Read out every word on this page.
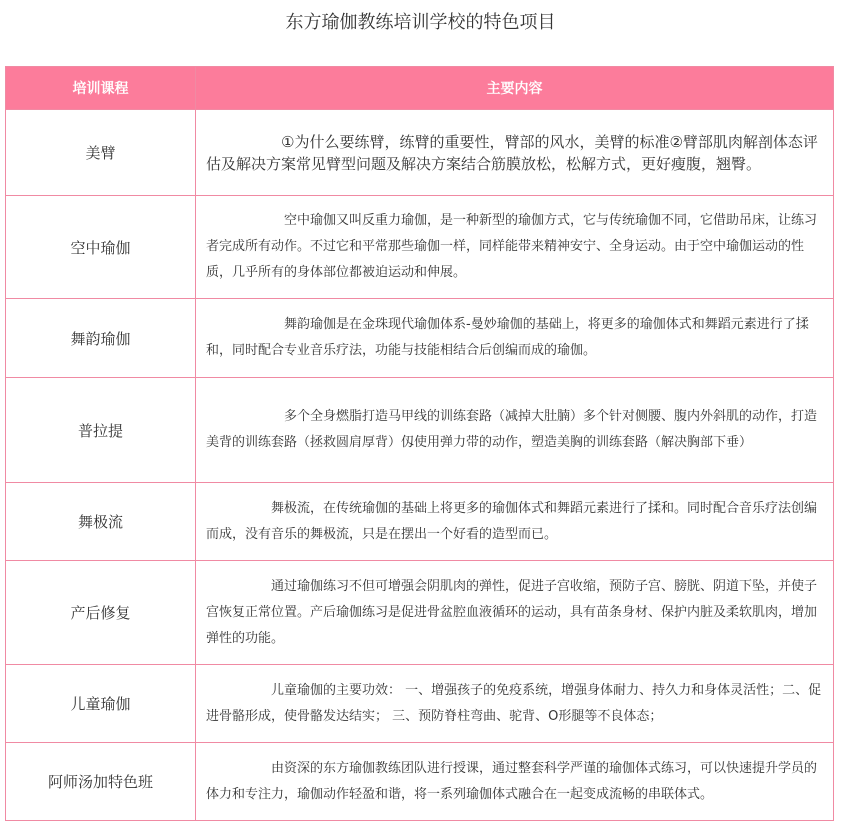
东方瑜伽教练培训学校的特色项目
培训课程	主要内容
美臂	①为什么要练臂，练臂的重要性，臂部的风水，美臂的标准②臂部肌肉解剖体态评估及解决方案常见臂型问题及解决方案结合筋膜放松，松解方式，更好瘦腹，翘臀。

空中瑜伽	空中瑜伽又叫反重力瑜伽，是一种新型的瑜伽方式，它与传统瑜伽不同，它借助吊床，让练习者完成所有动作。不过它和平常那些瑜伽一样，同样能带来精神安宁、全身运动。由于空中瑜伽运动的性质，几乎所有的身体部位都被迫运动和伸展。

舞韵瑜伽	舞韵瑜伽是在金珠现代瑜伽体系-曼妙瑜伽的基础上，将更多的瑜伽体式和舞蹈元素进行了揉和，同时配合专业音乐疗法，功能与技能相结合后创编而成的瑜伽。

普拉提	多个全身燃脂打造马甲线的训练套路（减掉大肚腩）多个针对侧腰、腹内外斜肌的动作，打造美背的训练套路（拯救圆肩厚背）仭使用弹力带的动作，塑造美胸的训练套路（解决胸部下垂）

舞极流	舞极流，在传统瑜伽的基础上将更多的瑜伽体式和舞蹈元素进行了揉和。同时配合音乐疗法创编而成，没有音乐的舞极流，只是在摆出一个好看的造型而已。

产后修复	通过瑜伽练习不但可增强会阴肌肉的弹性，促进子宫收缩，预防子宫、膀胱、阴道下坠，并使子宫恢复正常位置。产后瑜伽练习是促进骨盆腔血液循环的运动，具有苗条身材、保护内脏及柔软肌肉，增加弹性的功能。

儿童瑜伽	儿童瑜伽的主要功效： 一、增强孩子的免疫系统，增强身体耐力、持久力和身体灵活性；二、促进骨骼形成，使骨骼发达结实； 三、预防脊柱弯曲、驼背、O形腿等不良体态；

阿师汤加特色班	由资深的东方瑜伽教练团队进行授课，通过整套科学严谨的瑜伽体式练习，可以快速提升学员的体力和专注力，瑜伽动作轻盈和谐，将一系列瑜伽体式融合在一起变成流畅的串联体式。
